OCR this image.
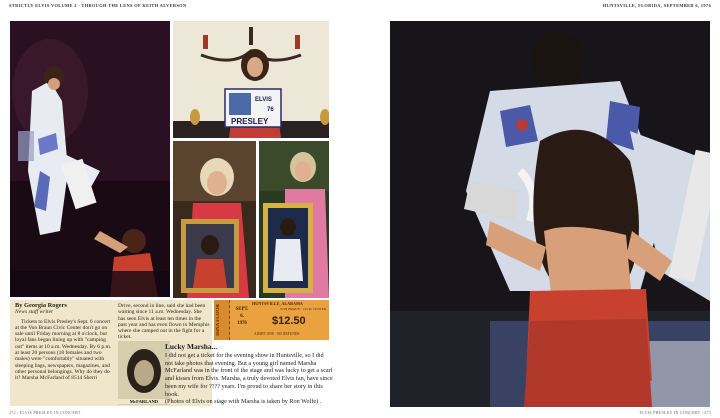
STRICTLY ELVIS VOLUME 2 - THROUGH THE LENS OF KEITH ALVERSON	HUNTSVILLE, FLORIDA, SEPTEMBER 6, 1976
272 | ELVIS PRESLEY IN CONCERT	ELVIS PRESLEY IN CONCERT | 273
ELVIS
76
PRESLEY
By Georgia Rogers
News staff writer

Tickets to Elvis Presley's Sept. 6 concert at the Von Braun Civic Center don't go on sale until Friday morning at 8 o'clock, but loyal fans began lining up with "camping out" items at 10 a.m. Wednesday. By 6 p.m. at least 20 persons (18 females and two males) were "comfortably" situated with sleeping bags, newspapers, magazines, and other personal belongings. Why do they do it? Marsha McFarland of 8514 Sherri

Drive, second in line, said she had been waiting since 11 a.m. Wednesday. She has seen Elvis at least ten times in the past year and has even flown to Memphis where she camped out in the fight for a ticket.
McFARLAND
IHNA FLOOR
HUNTSVILLE, ALABAMA
SEPT.
6.
1976
VON BRAUN · CIVIC CENTER
$12.50
ADMIT ONE · NO REFUNDS
Lucky Marsha...

I did not get a ticket for the evening show in Huntsville, so I did not take photos that evening. But a young girl named Marsha McFarland was in the front of the stage and was lucky to get a scarf and kisses from Elvis. Marsha, a truly devoted Elvis fan, have since been my wife for ???? years. I'm proud to share her story in this book.

(Photos of Elvis on stage with Marsha is taken by Ron Wolfe) .
